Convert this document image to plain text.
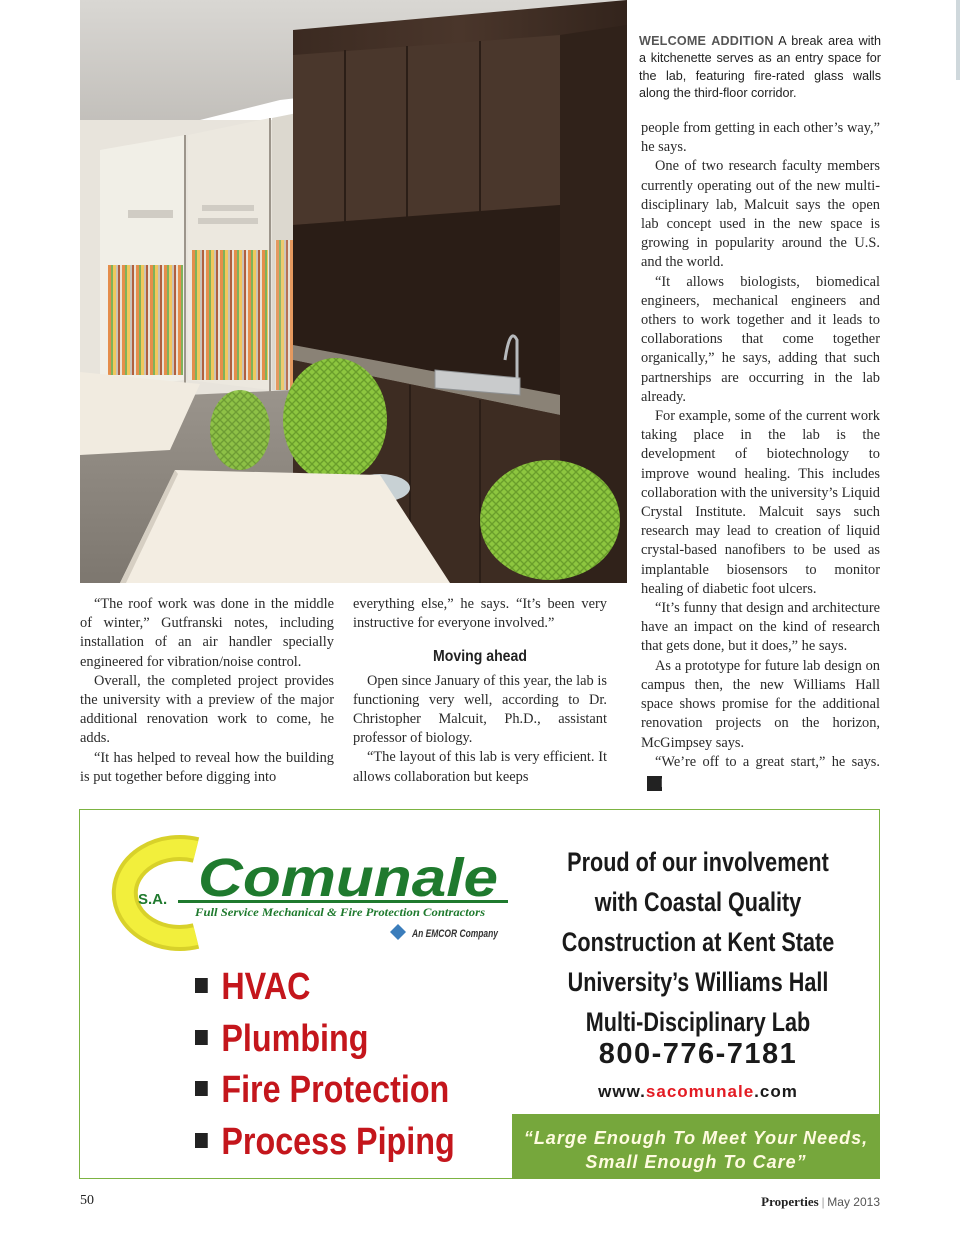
WELCOME ADDITION A break area with a kitchenette serves as an entry space for the lab, featuring fire-rated glass walls along the third-floor corridor.

“The roof work was done in the middle of winter,” Gutfranski notes, including installation of an air handler specially engineered for vibration/noise control.

Overall, the completed project provides the university with a preview of the major additional renovation work to come, he adds.

“It has helped to reveal how the building is put together before digging into

everything else,” he says. “It’s been very instructive for everyone involved.”

Moving ahead

Open since January of this year, the lab is functioning very well, according to Dr. Christopher Malcuit, Ph.D., assistant professor of biology.

“The layout of this lab is very efficient. It allows collaboration but keeps

people from getting in each other’s way,” he says.

One of two research faculty members currently operating out of the new multi-disciplinary lab, Malcuit says the open lab concept used in the new space is growing in popularity around the U.S. and the world.

“It allows biologists, biomedical engineers, mechanical engineers and others to work together and it leads to collaborations that come together organically,” he says, adding that such partnerships are occurring in the lab already.

For example, some of the current work taking place in the lab is the development of biotechnology to improve wound healing. This includes collaboration with the university’s Liquid Crystal Institute. Malcuit says such research may lead to creation of liquid crystal-based nanofibers to be used as implantable biosensors to monitor healing of diabetic foot ulcers.

“It’s funny that design and architecture have an impact on the kind of research that gets done, but it does,” he says.

As a prototype for future lab design on campus then, the new Williams Hall space shows promise for the additional renovation projects on the horizon, McGimpsey says.

“We’re off to a great start,” he says.P

S.A. Comunale
Full Service Mechanical & Fire Protection Contractors
An EMCOR Company
HVAC
Plumbing
Fire Protection
Process Piping
Proud of our involvement with Coastal Quality Construction at Kent State University’s Williams Hall Multi-Disciplinary Lab
800-776-7181
www.sacomunale.com
“Large Enough To Meet Your Needs,
Small Enough To Care”
50	Properties | May 2013
